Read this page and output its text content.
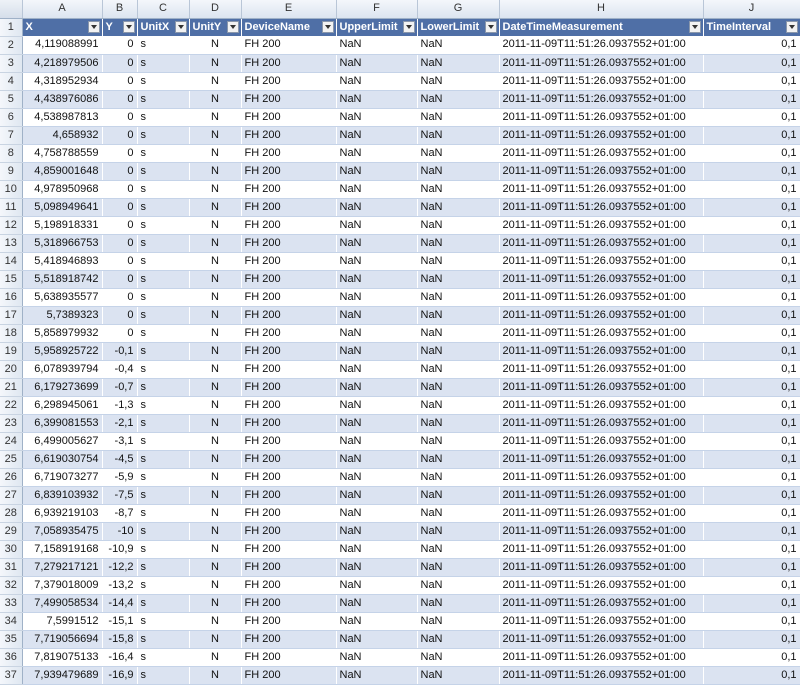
	A	B	C	D	E	F	G	H	J
1	X	Y	UnitX	UnitY	DeviceName	UpperLimit	LowerLimit	DateTimeMeasurement	TimeInterval

2	4,119088991	0	s	N	FH 200	NaN	NaN	2011-11-09T11:51:26.0937552+01:00	0,1
3	4,218979506	0	s	N	FH 200	NaN	NaN	2011-11-09T11:51:26.0937552+01:00	0,1
4	4,318952934	0	s	N	FH 200	NaN	NaN	2011-11-09T11:51:26.0937552+01:00	0,1
5	4,438976086	0	s	N	FH 200	NaN	NaN	2011-11-09T11:51:26.0937552+01:00	0,1
6	4,538987813	0	s	N	FH 200	NaN	NaN	2011-11-09T11:51:26.0937552+01:00	0,1
7	4,658932	0	s	N	FH 200	NaN	NaN	2011-11-09T11:51:26.0937552+01:00	0,1
8	4,758788559	0	s	N	FH 200	NaN	NaN	2011-11-09T11:51:26.0937552+01:00	0,1
9	4,859001648	0	s	N	FH 200	NaN	NaN	2011-11-09T11:51:26.0937552+01:00	0,1
10	4,978950968	0	s	N	FH 200	NaN	NaN	2011-11-09T11:51:26.0937552+01:00	0,1
11	5,098949641	0	s	N	FH 200	NaN	NaN	2011-11-09T11:51:26.0937552+01:00	0,1
12	5,198918331	0	s	N	FH 200	NaN	NaN	2011-11-09T11:51:26.0937552+01:00	0,1
13	5,318966753	0	s	N	FH 200	NaN	NaN	2011-11-09T11:51:26.0937552+01:00	0,1
14	5,418946893	0	s	N	FH 200	NaN	NaN	2011-11-09T11:51:26.0937552+01:00	0,1
15	5,518918742	0	s	N	FH 200	NaN	NaN	2011-11-09T11:51:26.0937552+01:00	0,1
16	5,638935577	0	s	N	FH 200	NaN	NaN	2011-11-09T11:51:26.0937552+01:00	0,1
17	5,7389323	0	s	N	FH 200	NaN	NaN	2011-11-09T11:51:26.0937552+01:00	0,1
18	5,858979932	0	s	N	FH 200	NaN	NaN	2011-11-09T11:51:26.0937552+01:00	0,1
19	5,958925722	-0,1	s	N	FH 200	NaN	NaN	2011-11-09T11:51:26.0937552+01:00	0,1
20	6,078939794	-0,4	s	N	FH 200	NaN	NaN	2011-11-09T11:51:26.0937552+01:00	0,1
21	6,179273699	-0,7	s	N	FH 200	NaN	NaN	2011-11-09T11:51:26.0937552+01:00	0,1
22	6,298945061	-1,3	s	N	FH 200	NaN	NaN	2011-11-09T11:51:26.0937552+01:00	0,1
23	6,399081553	-2,1	s	N	FH 200	NaN	NaN	2011-11-09T11:51:26.0937552+01:00	0,1
24	6,499005627	-3,1	s	N	FH 200	NaN	NaN	2011-11-09T11:51:26.0937552+01:00	0,1
25	6,619030754	-4,5	s	N	FH 200	NaN	NaN	2011-11-09T11:51:26.0937552+01:00	0,1
26	6,719073277	-5,9	s	N	FH 200	NaN	NaN	2011-11-09T11:51:26.0937552+01:00	0,1
27	6,839103932	-7,5	s	N	FH 200	NaN	NaN	2011-11-09T11:51:26.0937552+01:00	0,1
28	6,939219103	-8,7	s	N	FH 200	NaN	NaN	2011-11-09T11:51:26.0937552+01:00	0,1
29	7,058935475	-10	s	N	FH 200	NaN	NaN	2011-11-09T11:51:26.0937552+01:00	0,1
30	7,158919168	-10,9	s	N	FH 200	NaN	NaN	2011-11-09T11:51:26.0937552+01:00	0,1
31	7,279217121	-12,2	s	N	FH 200	NaN	NaN	2011-11-09T11:51:26.0937552+01:00	0,1
32	7,379018009	-13,2	s	N	FH 200	NaN	NaN	2011-11-09T11:51:26.0937552+01:00	0,1
33	7,499058534	-14,4	s	N	FH 200	NaN	NaN	2011-11-09T11:51:26.0937552+01:00	0,1
34	7,5991512	-15,1	s	N	FH 200	NaN	NaN	2011-11-09T11:51:26.0937552+01:00	0,1
35	7,719056694	-15,8	s	N	FH 200	NaN	NaN	2011-11-09T11:51:26.0937552+01:00	0,1
36	7,819075133	-16,4	s	N	FH 200	NaN	NaN	2011-11-09T11:51:26.0937552+01:00	0,1
37	7,939479689	-16,9	s	N	FH 200	NaN	NaN	2011-11-09T11:51:26.0937552+01:00	0,1
